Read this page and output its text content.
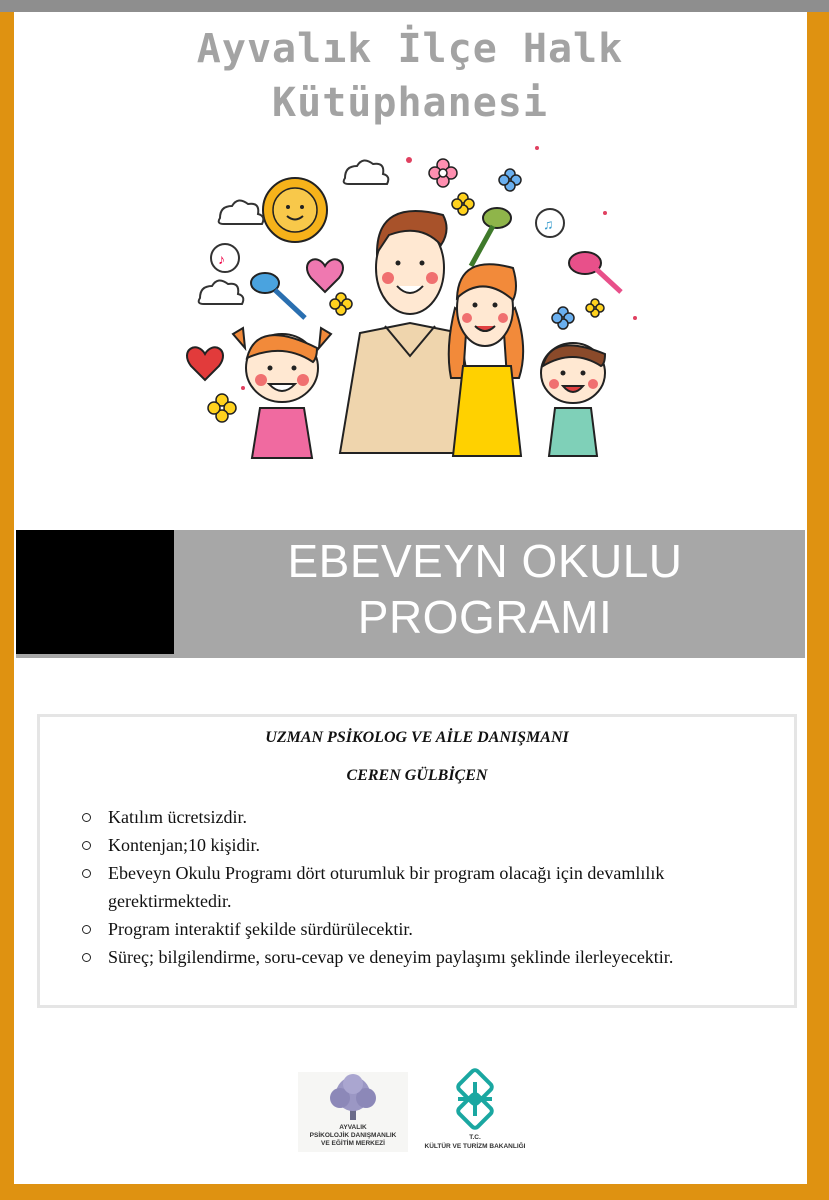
Ayvalık İlçe Halk
Kütüphanesi
♪
♫
EBEVEYN OKULU
PROGRAMI
UZMAN PSİKOLOG VE AİLE DANIŞMANI
CEREN GÜLBİÇEN
Katılım ücretsizdir.
Kontenjan;10 kişidir.
Ebeveyn Okulu Programı dört oturumluk bir program olacağı için devamlılık gerektirmektedir.
Program interaktif şekilde sürdürülecektir.
Süreç; bilgilendirme, soru-cevap ve deneyim paylaşımı şeklinde ilerleyecektir.
AYVALIK
PSİKOLOJİK DANIŞMANLIK
VE EĞİTİM MERKEZİ
T.C.
KÜLTÜR VE TURİZM BAKANLIĞI
